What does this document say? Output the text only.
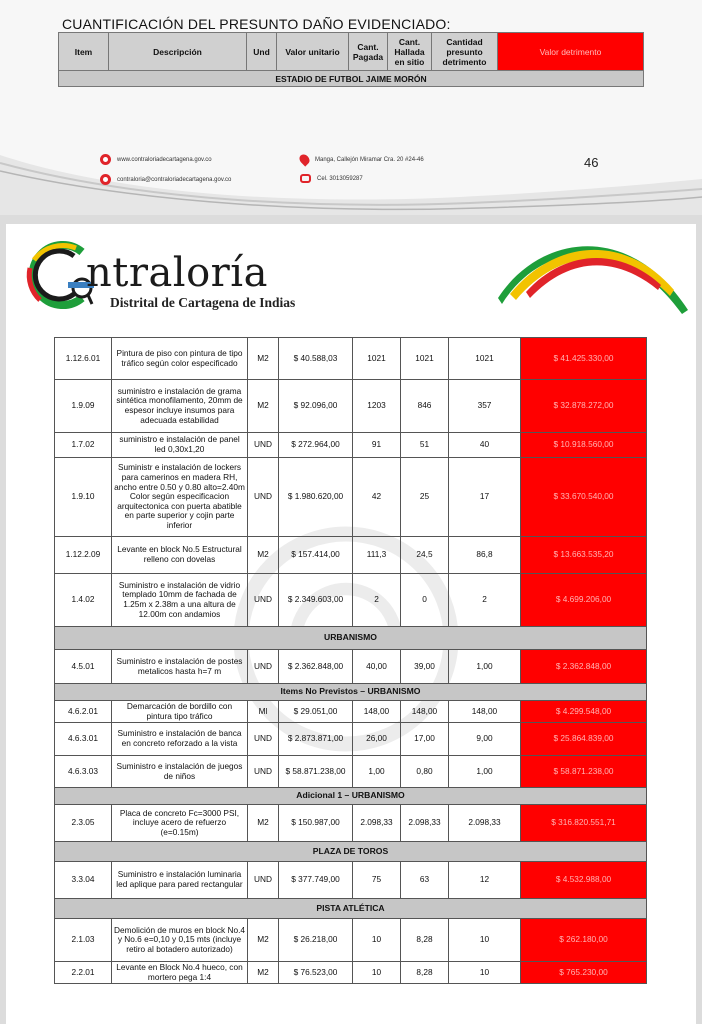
CUANTIFICACIÓN DEL PRESUNTO DAÑO EVIDENCIADO:
Item	Descripción	Und	Valor unitario	Cant. Pagada	Cant. Hallada en sitio	Cantidad presunto detrimento	Valor detrimento
ESTADIO DE FUTBOL JAIME MORÓN
www.contraloriadecartagena.gov.co
contraloria@contraloriadecartagena.gov.co
Manga, Callejón Miramar Cra. 20 #24-46
Cel. 3013059287
46
ntraloría
Distrital de Cartagena de Indias
1.12.6.01	Pintura de piso con pintura de tipo tráfico según color especificado	M2	$ 40.588,03	1021	1021	1021	$ 41.425.330,00
1.9.09	suministro e instalación de grama sintética monofilamento, 20mm de espesor incluye insumos para adecuada estabilidad	M2	$ 92.096,00	1203	846	357	$ 32.878.272,00
1.7.02	suministro e instalación de panel led 0,30x1,20	UND	$ 272.964,00	91	51	40	$ 10.918.560,00
1.9.10	Suministr e instalación de lockers para camerinos en madera RH, ancho entre 0.50 y 0.80 alto=2.40m Color según especificacion arquitectonica con puerta abatible en parte superior y cojin parte inferior	UND	$ 1.980.620,00	42	25	17	$ 33.670.540,00
1.12.2.09	Levante en block No.5 Estructural relleno con dovelas	M2	$ 157.414,00	111,3	24,5	86,8	$ 13.663.535,20
1.4.02	Suministro e instalación de vidrio templado 10mm de fachada de 1.25m x 2.38m a una altura de 12.00m con andamios	UND	$ 2.349.603,00	2	0	2	$ 4.699.206,00
URBANISMO							
4.5.01	Suministro e instalación de postes metalicos hasta h=7 m	UND	$ 2.362.848,00	40,00	39,00	1,00	$ 2.362.848,00
Items No Previstos – URBANISMO							
4.6.2.01	Demarcación de bordillo con pintura tipo tráfico	Ml	$ 29.051,00	148,00	148,00	148,00	$ 4.299.548,00
4.6.3.01	Suministro e instalación de banca en concreto reforzado a la vista	UND	$ 2.873.871,00	26,00	17,00	9,00	$ 25.864.839,00
4.6.3.03	Suministro e instalación de juegos de niños	UND	$ 58.871.238,00	1,00	0,80	1,00	$ 58.871.238,00
Adicional 1 – URBANISMO							
2.3.05	Placa de concreto Fc=3000 PSI, incluye acero de refuerzo (e=0.15m)	M2	$ 150.987,00	2.098,33	2.098,33	2.098,33	$ 316.820.551,71
PLAZA DE TOROS							
3.3.04	Suministro e instalación luminaria led aplique para pared rectangular	UND	$ 377.749,00	75	63	12	$ 4.532.988,00
PISTA ATLÉTICA							
2.1.03	Demolición de muros en block No.4 y No.6 e=0,10 y 0,15 mts (incluye retiro al botadero autorizado)	M2	$ 26.218,00	10	8,28	10	$ 262.180,00
2.2.01	Levante en Block No.4 hueco, con mortero pega 1:4	M2	$ 76.523,00	10	8,28	10	$ 765.230,00
